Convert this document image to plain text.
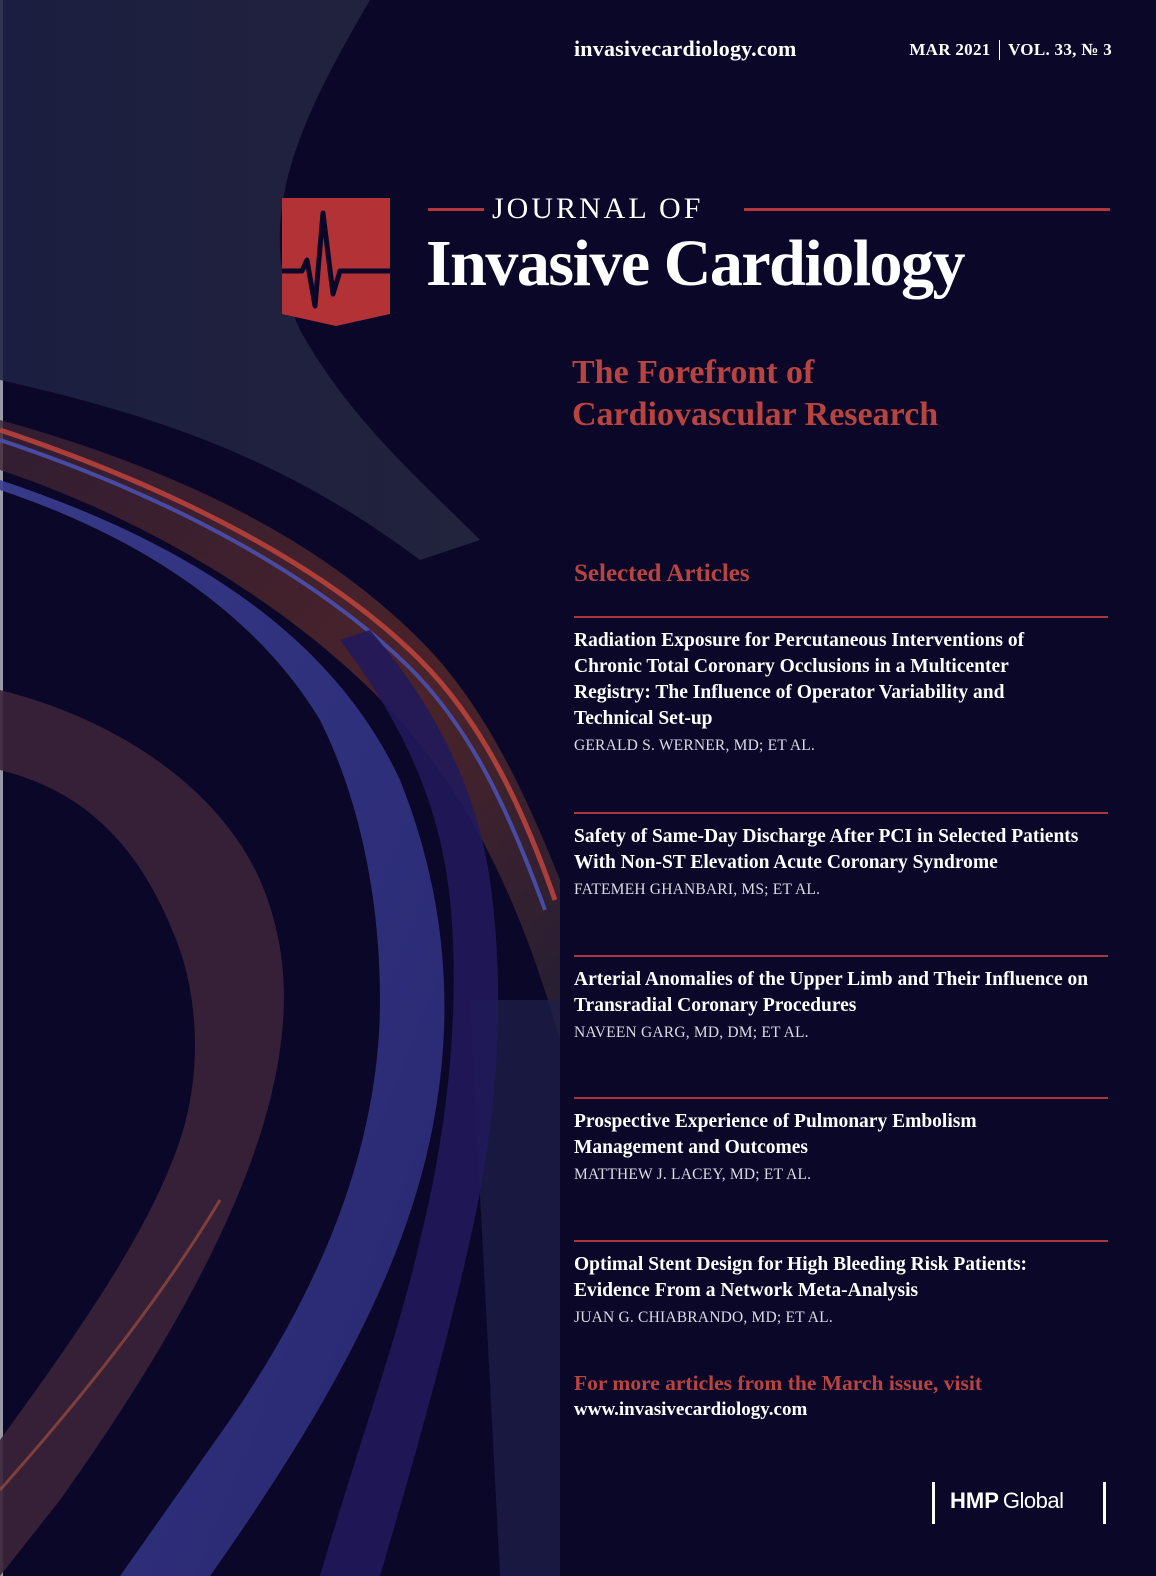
invasivecardiology.com	MAR 2021 VOL. 33, № 3
JOURNAL OF
Invasive Cardiology
The Forefront of
Cardiovascular Research
Selected Articles
Radiation Exposure for Percutaneous Interventions of Chronic Total Coronary Occlusions in a Multicenter Registry: The Influence of Operator Variability and Technical Set-up
GERALD S. WERNER, MD; ET AL.
Safety of Same-Day Discharge After PCI in Selected Patients With Non-ST Elevation Acute Coronary Syndrome
FATEMEH GHANBARI, MS; ET AL.
Arterial Anomalies of the Upper Limb and Their Influence on Transradial Coronary Procedures
NAVEEN GARG, MD, DM; ET AL.
Prospective Experience of Pulmonary Embolism Management and Outcomes
MATTHEW J. LACEY, MD; ET AL.
Optimal Stent Design for High Bleeding Risk Patients: Evidence From a Network Meta-Analysis
JUAN G. CHIABRANDO, MD; ET AL.
For more articles from the March issue, visit
www.invasivecardiology.com
HMP Global
